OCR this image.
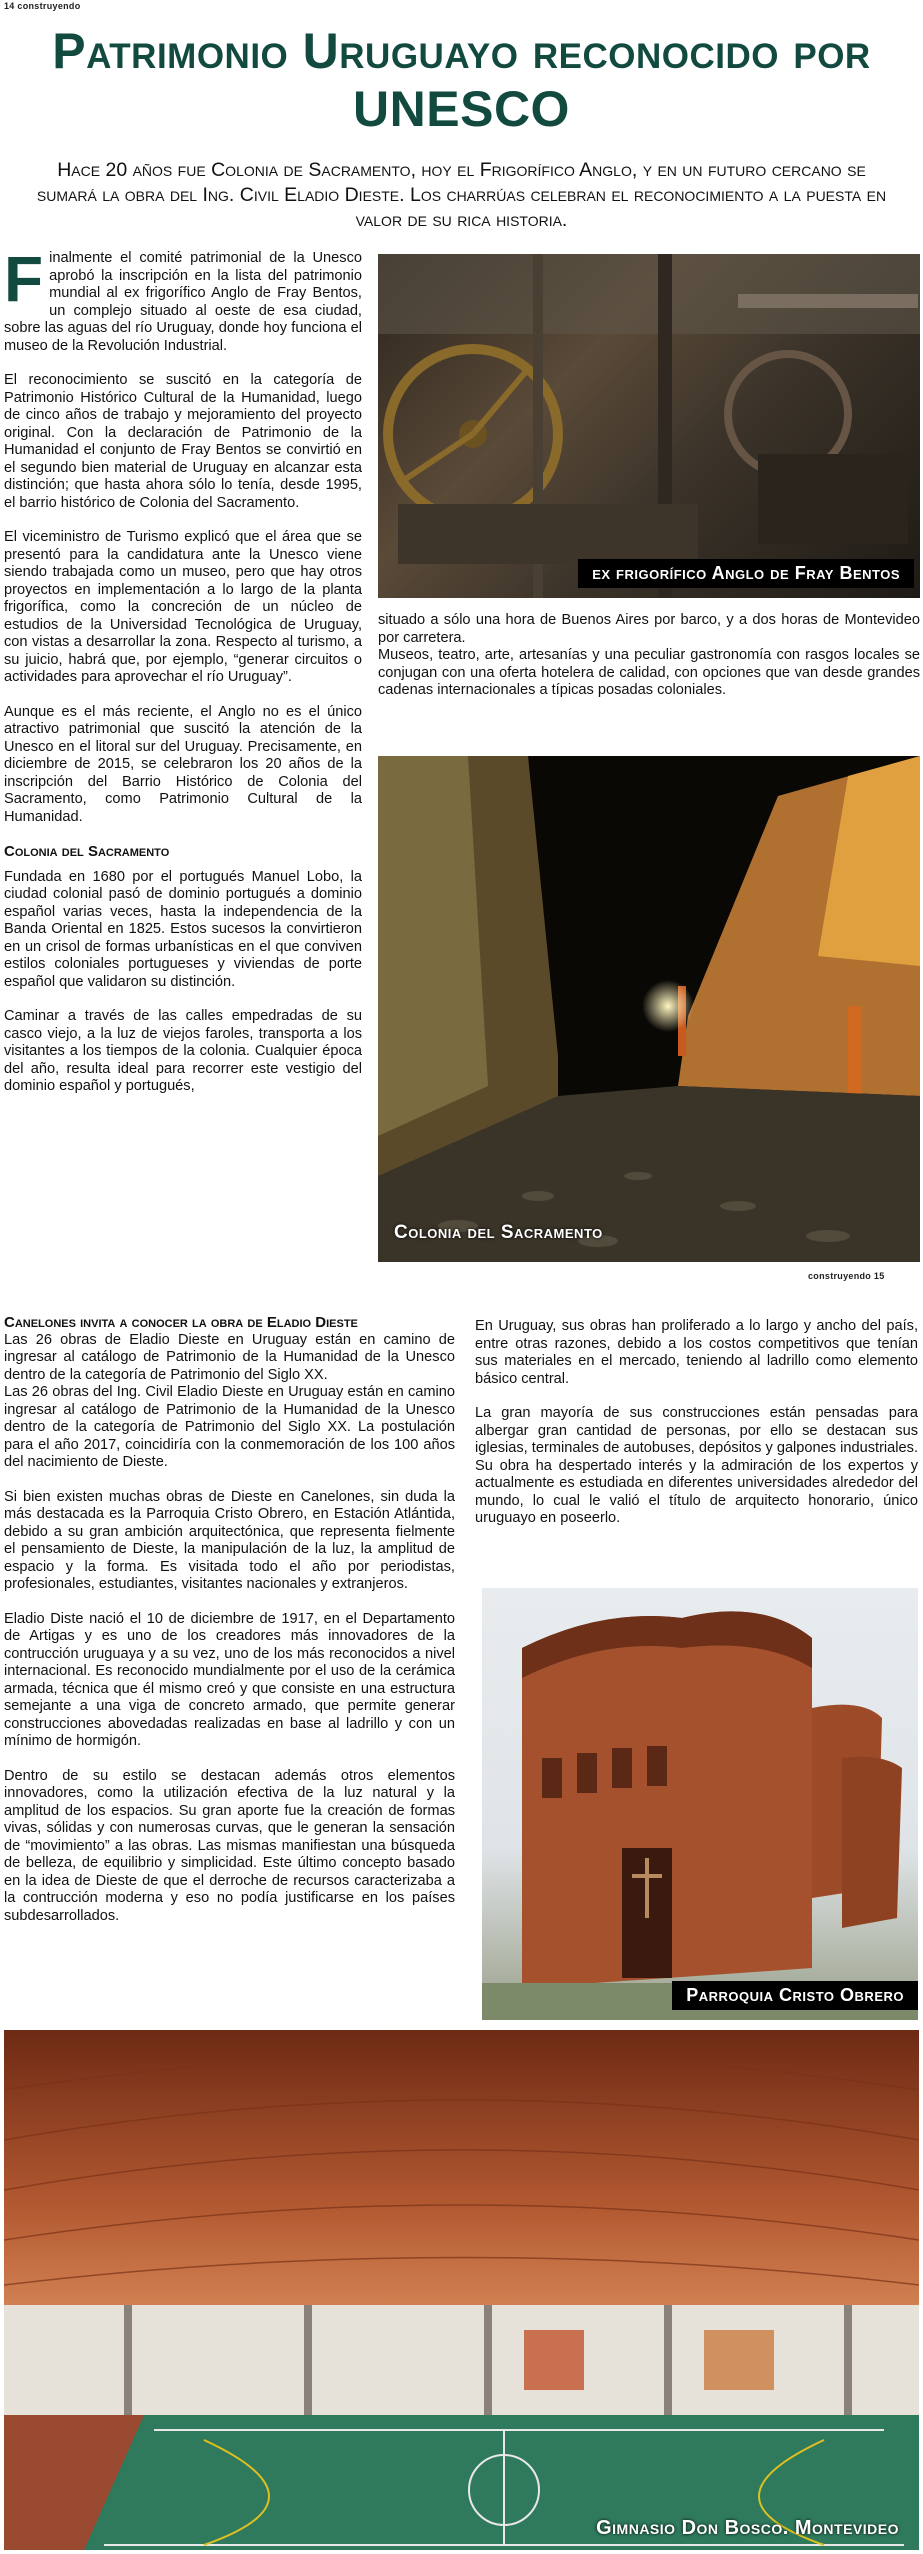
14 construyendo
Patrimonio Uruguayo reconocido por UNESCO
Hace 20 años fue Colonia de Sacramento, hoy el Frigorífico Anglo, y en un futuro cercano se sumará la obra del Ing. Civil Eladio Dieste. Los charrúas celebran el reconocimiento a la puesta en valor de su rica historia.

Finalmente el comité patrimonial de la Unesco aprobó la inscripción en la lista del patrimonio mundial al ex frigorífico Anglo de Fray Bentos, un complejo situado al oeste de esa ciudad, sobre las aguas del río Uruguay, donde hoy funciona el museo de la Revolución Industrial.

El reconocimiento se suscitó en la categoría de Patrimonio Histórico Cultural de la Humanidad, luego de cinco años de trabajo y mejoramiento del proyecto original. Con la declaración de Patrimonio de la Humanidad el conjunto de Fray Bentos se convirtió en el segundo bien material de Uruguay en alcanzar esta distinción; que hasta ahora sólo lo tenía, desde 1995, el barrio histórico de Colonia del Sacramento.

El viceministro de Turismo explicó que el área que se presentó para la candidatura ante la Unesco viene siendo trabajada como un museo, pero que hay otros proyectos en implementación a lo largo de la planta frigorífica, como la concreción de un núcleo de estudios de la Universidad Tecnológica de Uruguay, con vistas a desarrollar la zona. Respecto al turismo, a su juicio, habrá que, por ejemplo, “generar circuitos o actividades para aprovechar el río Uruguay”.

Aunque es el más reciente, el Anglo no es el único atractivo patrimonial que suscitó la atención de la Unesco en el litoral sur del Uruguay. Precisamente, en diciembre de 2015, se celebraron los 20 años de la inscripción del Barrio Histórico de Colonia del Sacramento, como Patrimonio Cultural de la Humanidad.

Colonia del Sacramento

Fundada en 1680 por el portugués Manuel Lobo, la ciudad colonial pasó de dominio portugués a dominio español varias veces, hasta la independencia de la Banda Oriental en 1825. Estos sucesos la convirtieron en un crisol de formas urbanísticas en el que conviven estilos coloniales portugueses y viviendas de porte español que validaron su distinción.

Caminar a través de las calles empedradas de su casco viejo, a la luz de viejos faroles, transporta a los visitantes a los tiempos de la colonia. Cualquier época del año, resulta ideal para recorrer este vestigio del dominio español y portugués,

ex frigorífico Anglo de Fray Bentos
situado a sólo una hora de Buenos Aires por barco, y a dos horas de Montevideo por carretera.
Museos, teatro, arte, artesanías y una peculiar gastronomía con rasgos locales se conjugan con una oferta hotelera de calidad, con opciones que van desde grandes cadenas internacionales a típicas posadas coloniales.
Colonia del Sacramento
construyendo 15
Canelones invita a conocer la obra de Eladio Dieste
Las 26 obras de Eladio Dieste en Uruguay están en camino de ingresar al catálogo de Patrimonio de la Humanidad de la Unesco dentro de la categoría de Patrimonio del Siglo XX.

Las 26 obras del Ing. Civil Eladio Dieste en Uruguay están en camino ingresar al catálogo de Patrimonio de la Humanidad de la Unesco dentro de la categoría de Patrimonio del Siglo XX. La postulación para el año 2017, coincidiría con la conmemoración de los 100 años del nacimiento de Dieste.

Si bien existen muchas obras de Dieste en Canelones, sin duda la más destacada es la Parroquia Cristo Obrero, en Estación Atlántida, debido a su gran ambición arquitectónica, que representa fielmente el pensamiento de Dieste, la manipulación de la luz, la amplitud de espacio y la forma. Es visitada todo el año por periodistas, profesionales, estudiantes, visitantes nacionales y extranjeros.

Eladio Diste nació el 10 de diciembre de 1917, en el Departamento de Artigas y es uno de los creadores más innovadores de la contrucción uruguaya y a su vez, uno de los más reconocidos a nivel internacional. Es reconocido mundialmente por el uso de la cerámica armada, técnica que él mismo creó y que consiste en una estructura semejante a una viga de concreto armado, que permite generar construcciones abovedadas realizadas en base al ladrillo y con un mínimo de hormigón.

Dentro de su estilo se destacan además otros elementos innovadores, como la utilización efectiva de la luz natural y la amplitud de los espacios. Su gran aporte fue la creación de formas vivas, sólidas y con numerosas curvas, que le generan la sensación de “movimiento” a las obras. Las mismas manifiestan una búsqueda de belleza, de equilibrio y simplicidad. Este último concepto basado en la idea de Dieste de que el derroche de recursos caracterizaba a la contrucción moderna y eso no podía justificarse en los países subdesarrollados.

En Uruguay, sus obras han proliferado a lo largo y ancho del país, entre otras razones, debido a los costos competitivos que tenían sus materiales en el mercado, teniendo al ladrillo como elemento básico central.

La gran mayoría de sus construcciones están pensadas para albergar gran cantidad de personas, por ello se destacan sus iglesias, terminales de autobuses, depósitos y galpones industriales. Su obra ha despertado interés y la admiración de los expertos y actualmente es estudiada en diferentes universidades alrededor del mundo, lo cual le valió el título de arquitecto honorario, único uruguayo en poseerlo.

Parroquia Cristo Obrero
Gimnasio Don Bosco. Montevideo
